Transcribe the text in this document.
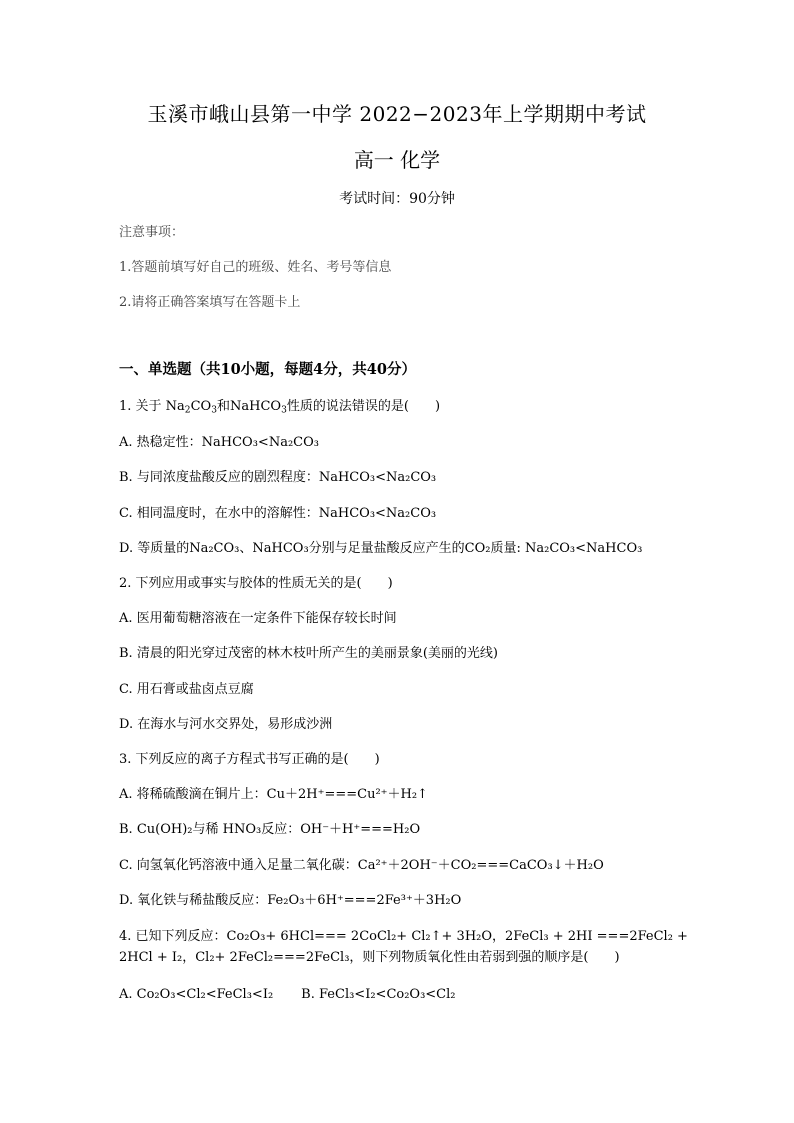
玉溪市峨山县第一中学 2022−2023年上学期期中考试
高一 化学
考试时间：90分钟
注意事项：
1.答题前填写好自己的班级、姓名、考号等信息
2.请将正确答案填写在答题卡上
一、单选题（共10小题，每题4分，共40分）
1. 关于 $Na_2CO_3$和NaHCO$_3$性质的说法错误的是(　　)
A. 热稳定性：NaHCO₃<Na₂CO₃
B. 与同浓度盐酸反应的剧烈程度：NaHCO₃<Na₂CO₃
C. 相同温度时，在水中的溶解性：NaHCO₃<Na₂CO₃
D. 等质量的Na₂CO₃、NaHCO₃分别与足量盐酸反应产生的CO₂质量: Na₂CO₃<NaHCO₃
2. 下列应用或事实与胶体的性质无关的是(　　)
A. 医用葡萄糖溶液在一定条件下能保存较长时间
B. 清晨的阳光穿过茂密的林木枝叶所产生的美丽景象(美丽的光线)
C. 用石膏或盐卤点豆腐
D. 在海水与河水交界处，易形成沙洲
3. 下列反应的离子方程式书写正确的是(　　)
A. 将稀硫酸滴在铜片上：Cu＋2H⁺===Cu²⁺＋H₂↑
B. Cu(OH)₂与稀 HNO₃反应：OH⁻＋H⁺===H₂O
C. 向氢氧化钙溶液中通入足量二氧化碳：Ca²⁺＋2OH⁻＋CO₂===CaCO₃↓＋H₂O
D. 氧化铁与稀盐酸反应：Fe₂O₃＋6H⁺===2Fe³⁺＋3H₂O
4. 已知下列反应：Co₂O₃+ 6HCl=== 2CoCl₂+ Cl₂↑+ 3H₂O，2FeCl₃ + 2HI ===2FeCl₂ +
2HCl + I₂，Cl₂+ 2FeCl₂===2FeCl₃，则下列物质氧化性由若弱到强的顺序是(　　)
A. Co₂O₃<Cl₂<FeCl₃<I₂ B. FeCl₃<I₂<Co₂O₃<Cl₂
